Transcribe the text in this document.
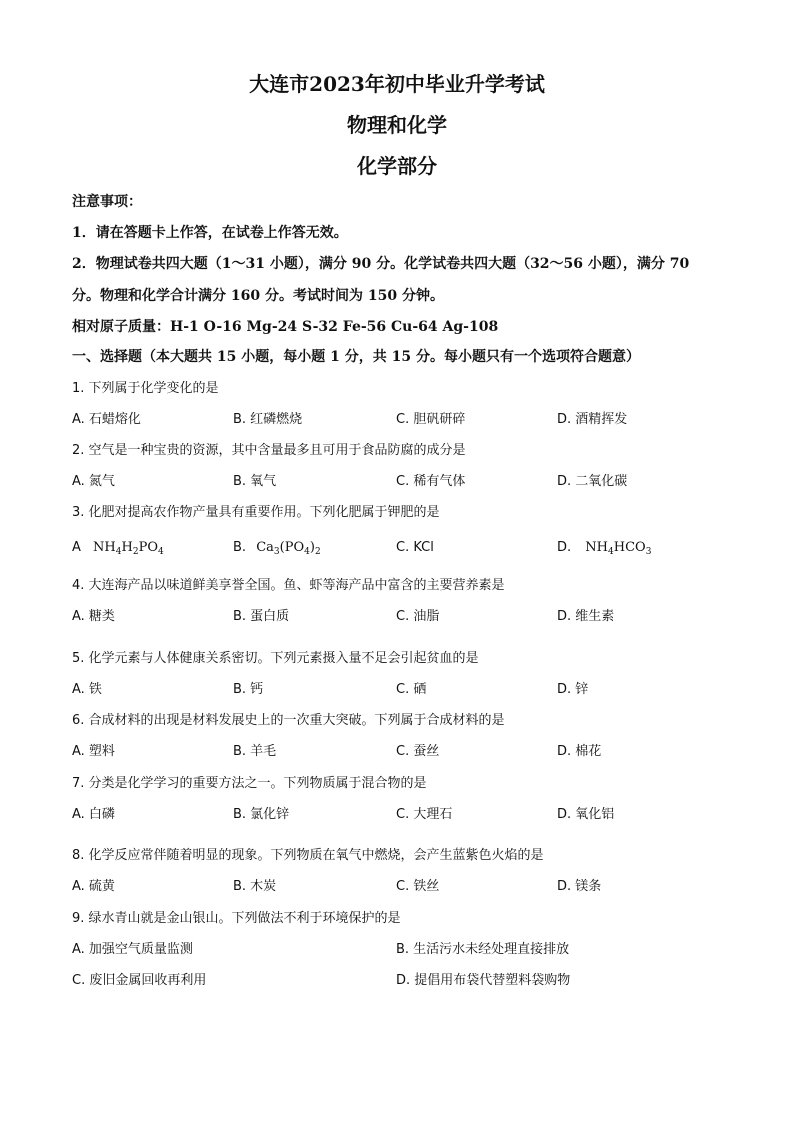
大连市2023年初中毕业升学考试
物理和化学
化学部分
注意事项：
1．请在答题卡上作答，在试卷上作答无效。
2．物理试卷共四大题（1～31 小题），满分 90 分。化学试卷共四大题（32～56 小题），满分 70
分。物理和化学合计满分 160 分。考试时间为 150 分钟。
相对原子质量：H-1 O-16 Mg-24 S-32 Fe-56 Cu-64 Ag-108
一、选择题（本大题共 15 小题，每小题 1 分，共 15 分。每小题只有一个选项符合题意）
1. 下列属于化学变化的是
A. 石蜡熔化	B. 红磷燃烧	C. 胆矾研碎	D. 酒精挥发
2. 空气是一种宝贵的资源，其中含量最多且可用于食品防腐的成分是
A. 氮气	B. 氧气	C. 稀有气体	D. 二氧化碳
3. 化肥对提高农作物产量具有重要作用。下列化肥属于钾肥的是
A $NH_4H_2PO_4$	B. $Ca_3(PO_4)_2$	C. KCl	D. $NH_4HCO_3$
4. 大连海产品以味道鲜美享誉全国。鱼、虾等海产品中富含的主要营养素是
A. 糖类	B. 蛋白质	C. 油脂	D. 维生素
5. 化学元素与人体健康关系密切。下列元素摄入量不足会引起贫血的是
A. 铁	B. 钙	C. 硒	D. 锌
6. 合成材料的出现是材料发展史上的一次重大突破。下列属于合成材料的是
A. 塑料	B. 羊毛	C. 蚕丝	D. 棉花
7. 分类是化学学习的重要方法之一。下列物质属于混合物的是
A. 白磷	B. 氯化锌	C. 大理石	D. 氧化铝
8. 化学反应常伴随着明显的现象。下列物质在氧气中燃烧，会产生蓝紫色火焰的是
A. 硫黄	B. 木炭	C. 铁丝	D. 镁条
9. 绿水青山就是金山银山。下列做法不利于环境保护的是
A. 加强空气质量监测	B. 生活污水未经处理直接排放
C. 废旧金属回收再利用	D. 提倡用布袋代替塑料袋购物
